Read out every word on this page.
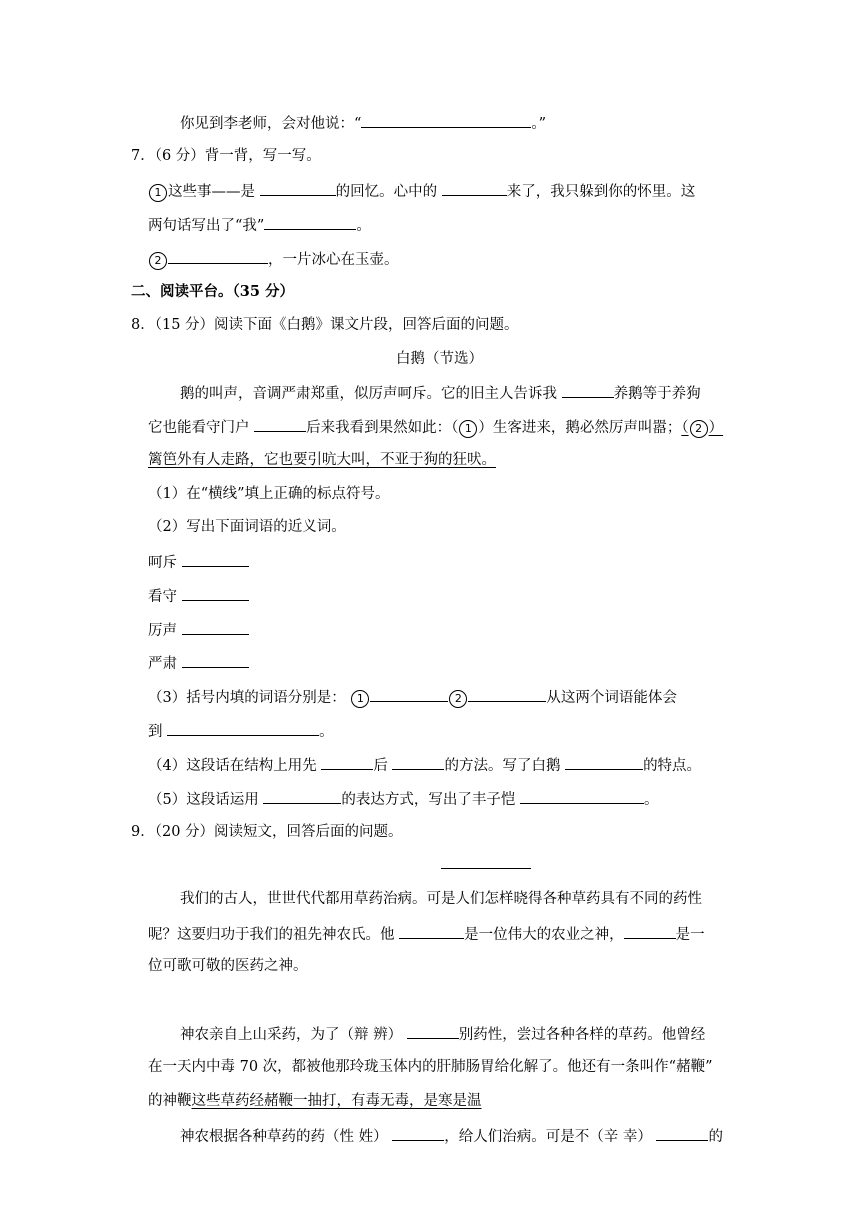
你见到李老师，会对他说：“	。”
7．（6 分）背一背，写一写。
1 这些事——是	的回忆。心中的	来了，我只躲到你的怀里。这
两句话写出了“我”	。
2	，一片冰心在玉壶。
二、阅读平台。（35 分）
8．（15 分）阅读下面《白鹅》课文片段，回答后面的问题。
白鹅（节选）
鹅的叫声，音调严肃郑重，似厉声呵斥。它的旧主人告诉我	养鹅等于养狗
它也能看守门户	后来我看到果然如此：（ 1 ）生客进来，鹅必然厉声叫嚣；（ 2 ）
篱笆外有人走路，它也要引吭大叫，不亚于狗的狂吠。
（1）在“横线”填上正确的标点符号。
（2）写出下面词语的近义词。
呵斥
看守
厉声
严肃
（3）括号内填的词语分别是： 1	2	从这两个词语能体会
到	。
（4）这段话在结构上用先	后	的方法。写了白鹅	的特点。
（5）这段话运用	的表达方式，写出了丰子恺	。
9．（20 分）阅读短文，回答后面的问题。
我们的古人，世世代代都用草药治病。可是人们怎样晓得各种草药具有不同的药性
呢？这要归功于我们的祖先神农氏。他	是一位伟大的农业之神，	是一
位可歌可敬的医药之神。
神农亲自上山采药，为了（辩 辨）	别药性，尝过各种各样的草药。他曾经
在一天内中毒 70 次，都被他那玲珑玉体内的肝肺肠胃给化解了。他还有一条叫作“赭鞭”
的神鞭这些草药经赭鞭一抽打，有毒无毒，是寒是温
神农根据各种草药的药（性 姓）	，给人们治病。可是不（辛 幸）	的
